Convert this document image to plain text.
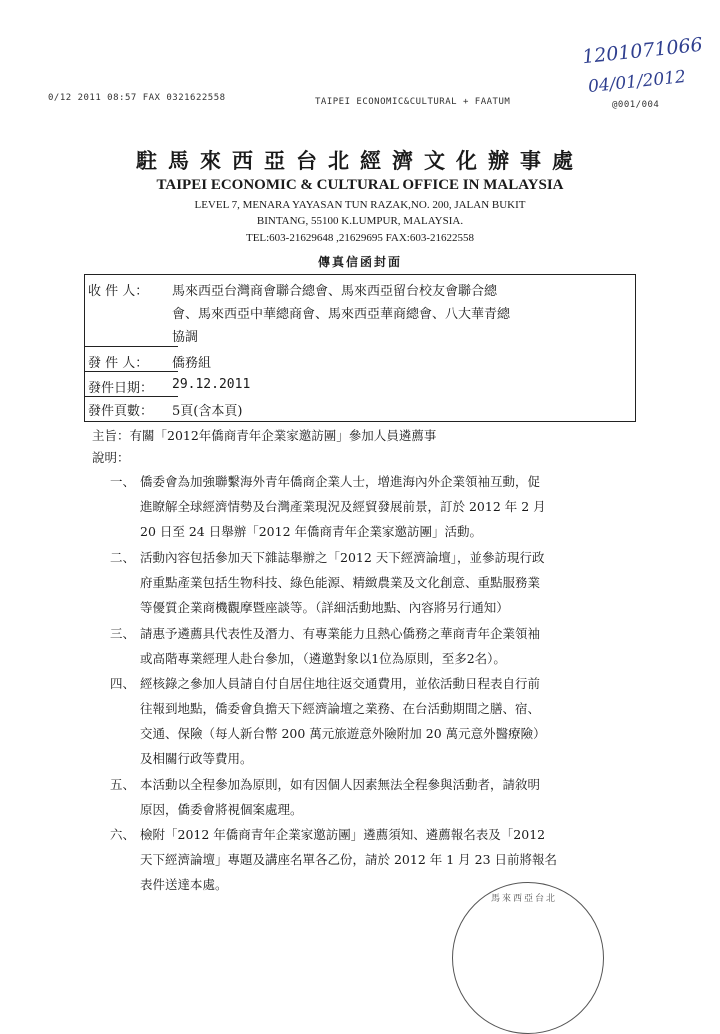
0/12 2011 08:57 FAX 0321622558	TAIPEI ECONOMIC&CULTURAL + FAATUM	@001/004
1201071066
04/01/2012
駐馬來西亞台北經濟文化辦事處
TAIPEI ECONOMIC & CULTURAL OFFICE IN MALAYSIA
LEVEL 7, MENARA YAYASAN TUN RAZAK,NO. 200, JALAN BUKIT
BINTANG, 55100 K.LUMPUR, MALAYSIA.
TEL:603-21629648 ,21629695 FAX:603-21622558
傳真信函封面
收 件 人： 馬來西亞台灣商會聯合總會、馬來西亞留台校友會聯合總
會、馬來西亞中華總商會、馬來西亞華商總會、八大華青總
協調
發 件 人： 僑務組
發件日期： 29.12.2011
發件頁數： 5頁(含本頁)
主旨：有關「2012年僑商青年企業家邀訪團」參加人員遴薦事
說明：
一、 僑委會為加強聯繫海外青年僑商企業人士，增進海內外企業領袖互動，促
進瞭解全球經濟情勢及台灣產業現況及經貿發展前景，訂於 2012 年 2 月
20 日至 24 日舉辦「2012 年僑商青年企業家邀訪團」活動。
二、 活動內容包括參加天下雜誌舉辦之「2012 天下經濟論壇」，並參訪現行政
府重點產業包括生物科技、綠色能源、精緻農業及文化創意、重點服務業
等優質企業商機觀摩暨座談等。（詳細活動地點、內容將另行通知）
三、 請惠予遴薦具代表性及潛力、有專業能力且熱心僑務之華商青年企業領袖
或高階專業經理人赴台參加，（遴邀對象以1位為原則，至多2名）。
四、 經核錄之參加人員請自付自居住地往返交通費用，並依活動日程表自行前
往報到地點，僑委會負擔天下經濟論壇之業務、在台活動期間之膳、宿、
交通、保險（每人新台幣 200 萬元旅遊意外險附加 20 萬元意外醫療險）
及相關行政等費用。
五、 本活動以全程參加為原則，如有因個人因素無法全程參與活動者，請敘明
原因，僑委會將視個案處理。
六、 檢附「2012 年僑商青年企業家邀訪團」遴薦須知、遴薦報名表及「2012
天下經濟論壇」專題及講座名單各乙份，請於 2012 年 1 月 23 日前將報名
表件送達本處。
馬來西亞台北
